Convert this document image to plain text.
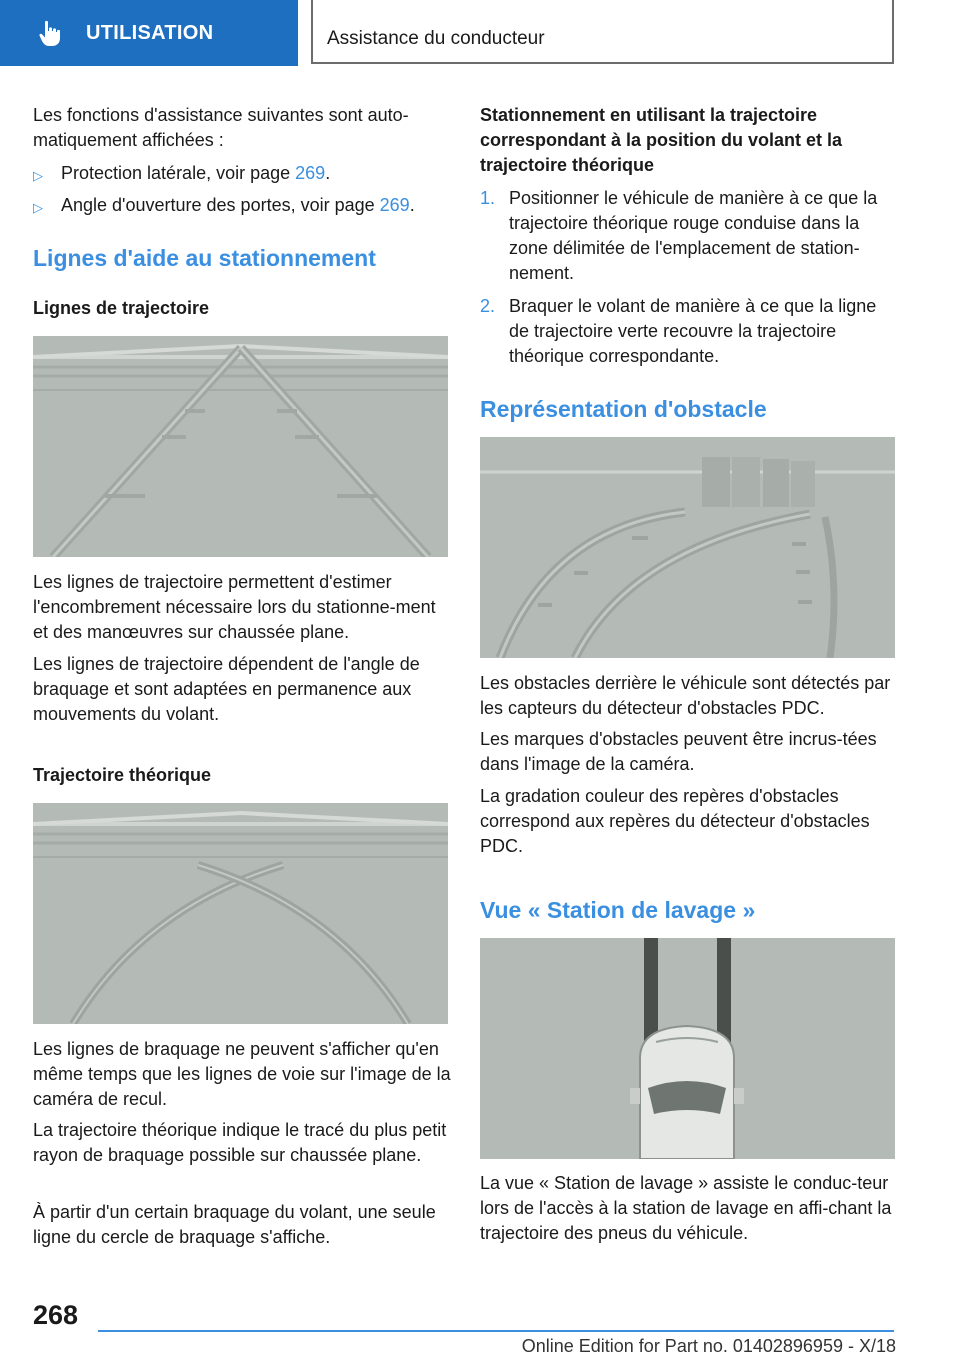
UTILISATION	Assistance du conducteur

Les fonctions d'assistance suivantes sont auto-matiquement affichées :

▷	Protection latérale, voir page 269.
▷	Angle d'ouverture des portes, voir page 269.
Lignes d'aide au stationnement
Lignes de trajectoire

Les lignes de trajectoire permettent d'estimer l'encombrement nécessaire lors du stationne-ment et des manœuvres sur chaussée plane.

Les lignes de trajectoire dépendent de l'angle de braquage et sont adaptées en permanence aux mouvements du volant.

Trajectoire théorique

Les lignes de braquage ne peuvent s'afficher qu'en même temps que les lignes de voie sur l'image de la caméra de recul.

La trajectoire théorique indique le tracé du plus petit rayon de braquage possible sur chaussée plane.

À partir d'un certain braquage du volant, une seule ligne du cercle de braquage s'affiche.

Stationnement en utilisant la trajectoire correspondant à la position du volant et la trajectoire théorique
1. Positionner le véhicule de manière à ce que la trajectoire théorique rouge conduise dans la zone délimitée de l'emplacement de station-nement.
2. Braquer le volant de manière à ce que la ligne de trajectoire verte recouvre la trajectoire théorique correspondante.
Représentation d'obstacle

Les obstacles derrière le véhicule sont détectés par les capteurs du détecteur d'obstacles PDC.

Les marques d'obstacles peuvent être incrus-tées dans l'image de la caméra.

La gradation couleur des repères d'obstacles correspond aux repères du détecteur d'obstacles PDC.

Vue « Station de lavage »

La vue « Station de lavage » assiste le conduc-teur lors de l'accès à la station de lavage en affi-chant la trajectoire des pneus du véhicule.

268
Online Edition for Part no. 01402896959 - X/18
